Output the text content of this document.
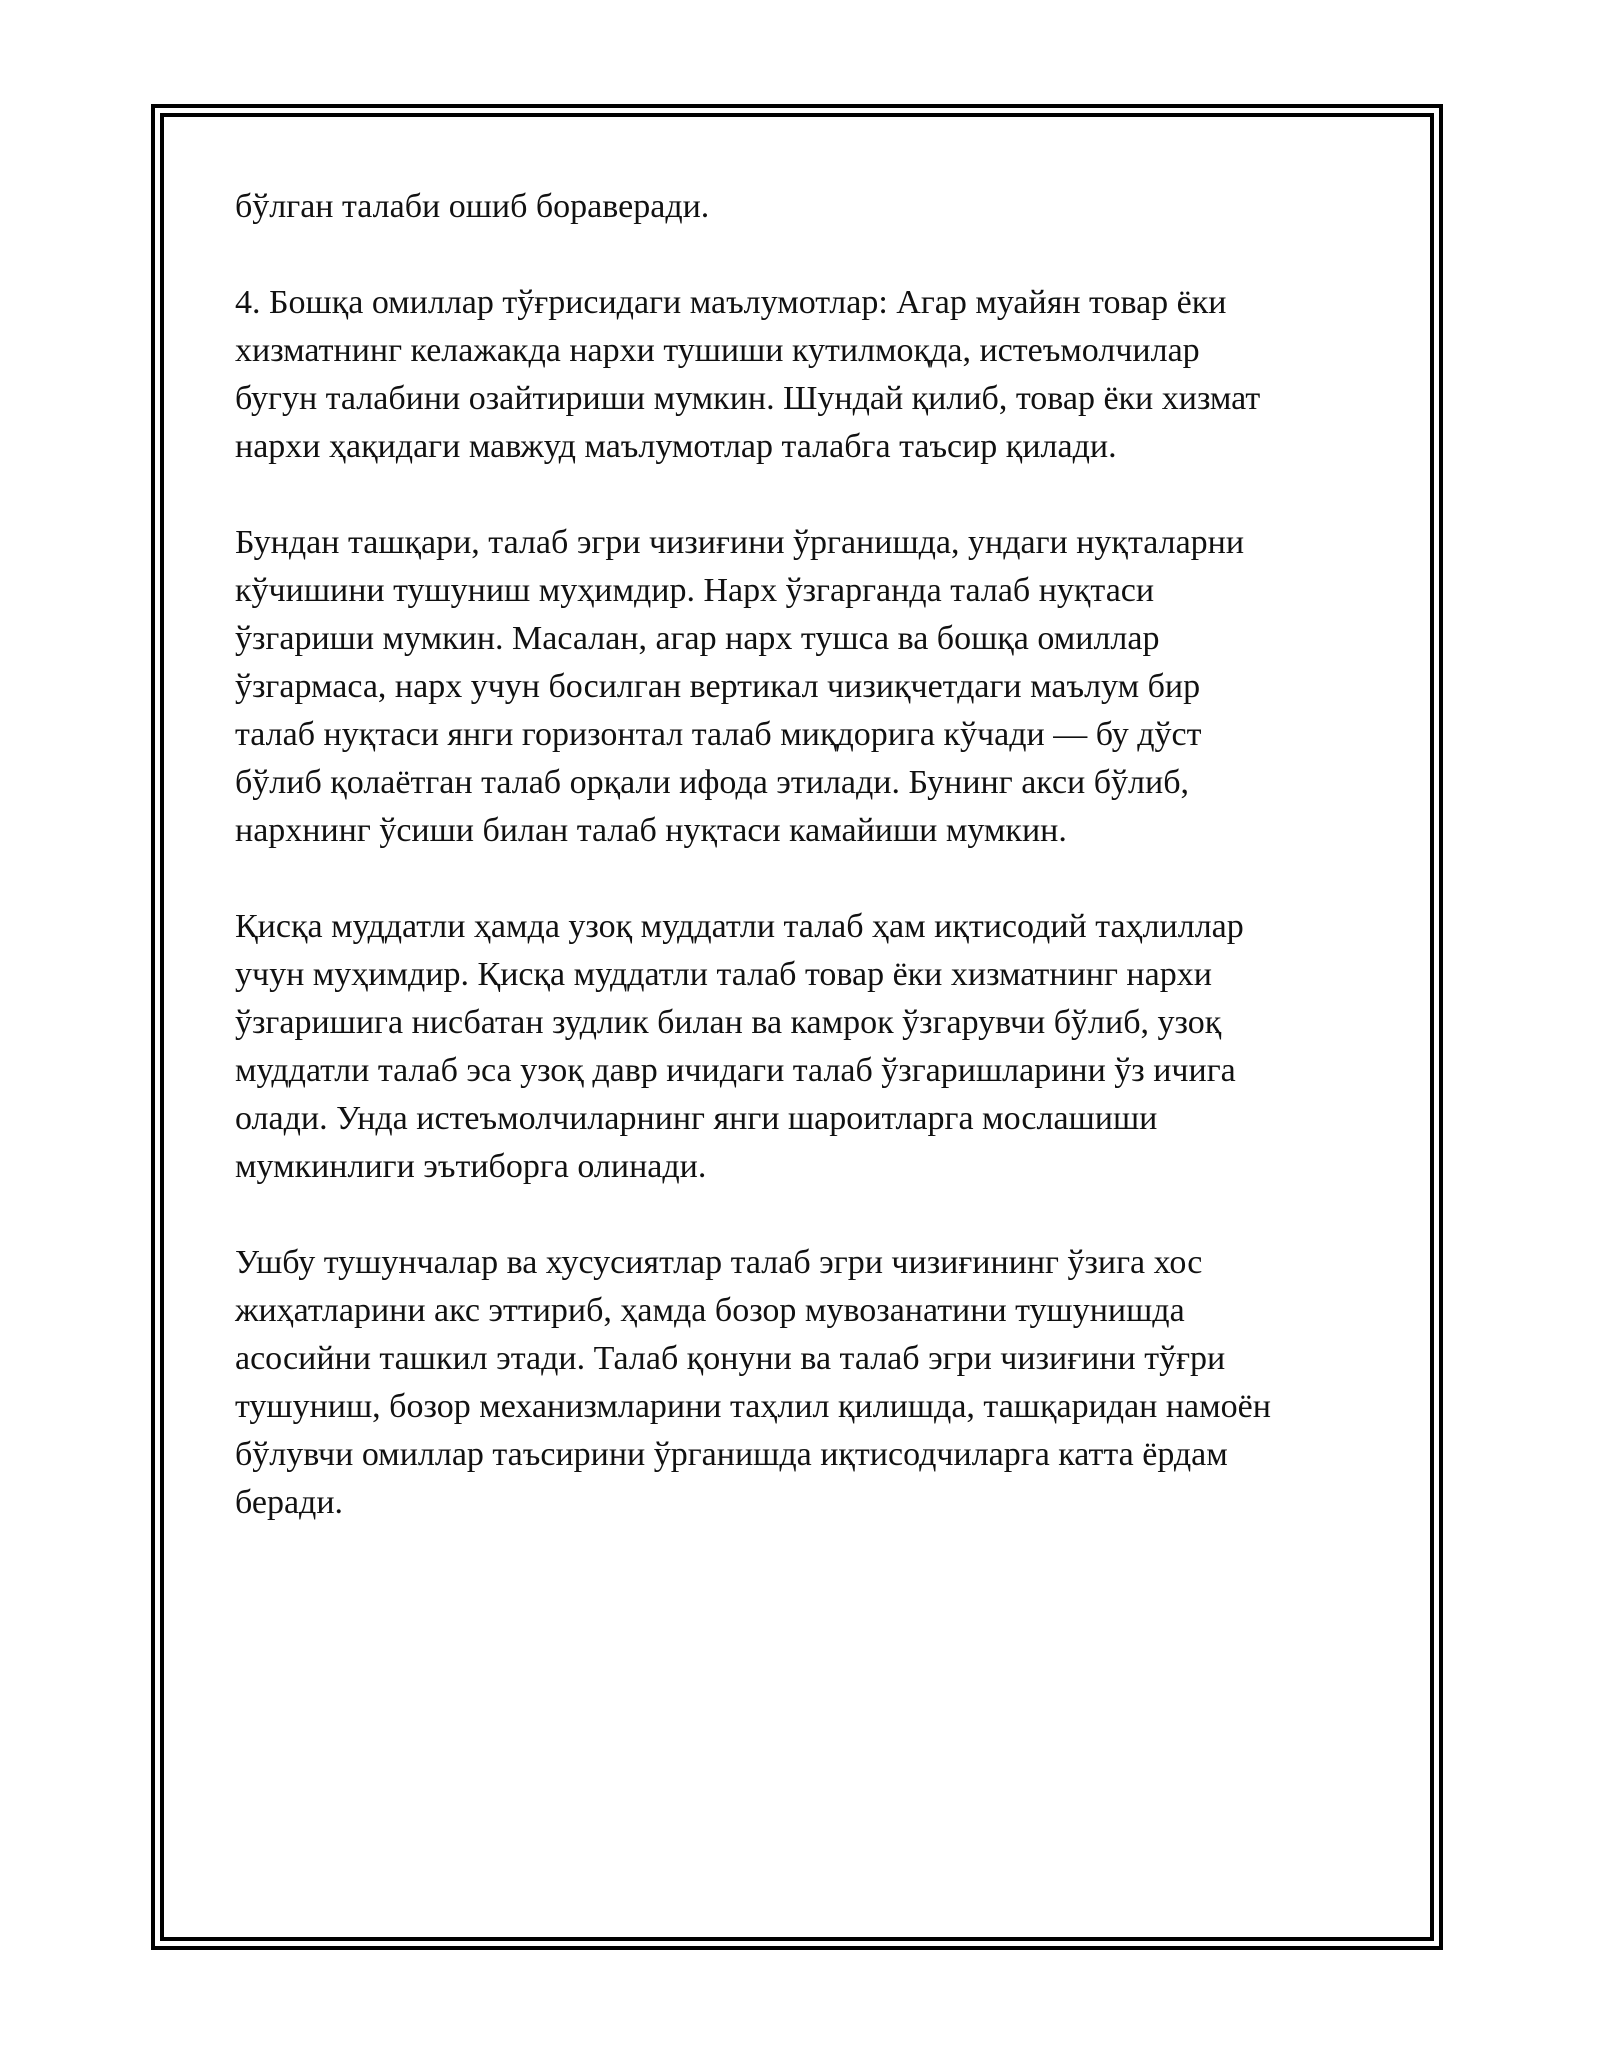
бўлган талаби ошиб бораверади.

4. Бошқа омиллар тўғрисидаги маълумотлар: Агар муайян товар ёки
хизматнинг келажакда нархи тушиши кутилмоқда, истеъмолчилар
бугун талабини озайтириши мумкин. Шундай қилиб, товар ёки хизмат
нархи ҳақидаги мавжуд маълумотлар талабга таъсир қилади.

Бундан ташқари, талаб эгри чизиғини ўрганишда, ундаги нуқталарни
кўчишини тушуниш муҳимдир. Нарх ўзгарганда талаб нуқтаси
ўзгариши мумкин. Масалан, агар нарх тушса ва бошқа омиллар
ўзгармаса, нарх учун босилган вертикал чизиқчетдаги маълум бир
талаб нуқтаси янги горизонтал талаб миқдорига кўчади — бу дўст
бўлиб қолаётган талаб орқали ифода этилади. Бунинг акси бўлиб,
нархнинг ўсиши билан талаб нуқтаси камайиши мумкин.

Қисқа муддатли ҳамда узоқ муддатли талаб ҳам иқтисодий таҳлиллар
учун муҳимдир. Қисқа муддатли талаб товар ёки хизматнинг нархи
ўзгаришига нисбатан зудлик билан ва камрок ўзгарувчи бўлиб, узоқ
муддатли талаб эса узоқ давр ичидаги талаб ўзгаришларини ўз ичига
олади. Унда истеъмолчиларнинг янги шароитларга мослашиши
мумкинлиги эътиборга олинади.

Ушбу тушунчалар ва хусусиятлар талаб эгри чизиғининг ўзига хос
жиҳатларини акс эттириб, ҳамда бозор мувозанатини тушунишда
асосийни ташкил этади. Талаб қонуни ва талаб эгри чизиғини тўғри
тушуниш, бозор механизмларини таҳлил қилишда, ташқаридан намоён
бўлувчи омиллар таъсирини ўрганишда иқтисодчиларга катта ёрдам
беради.
